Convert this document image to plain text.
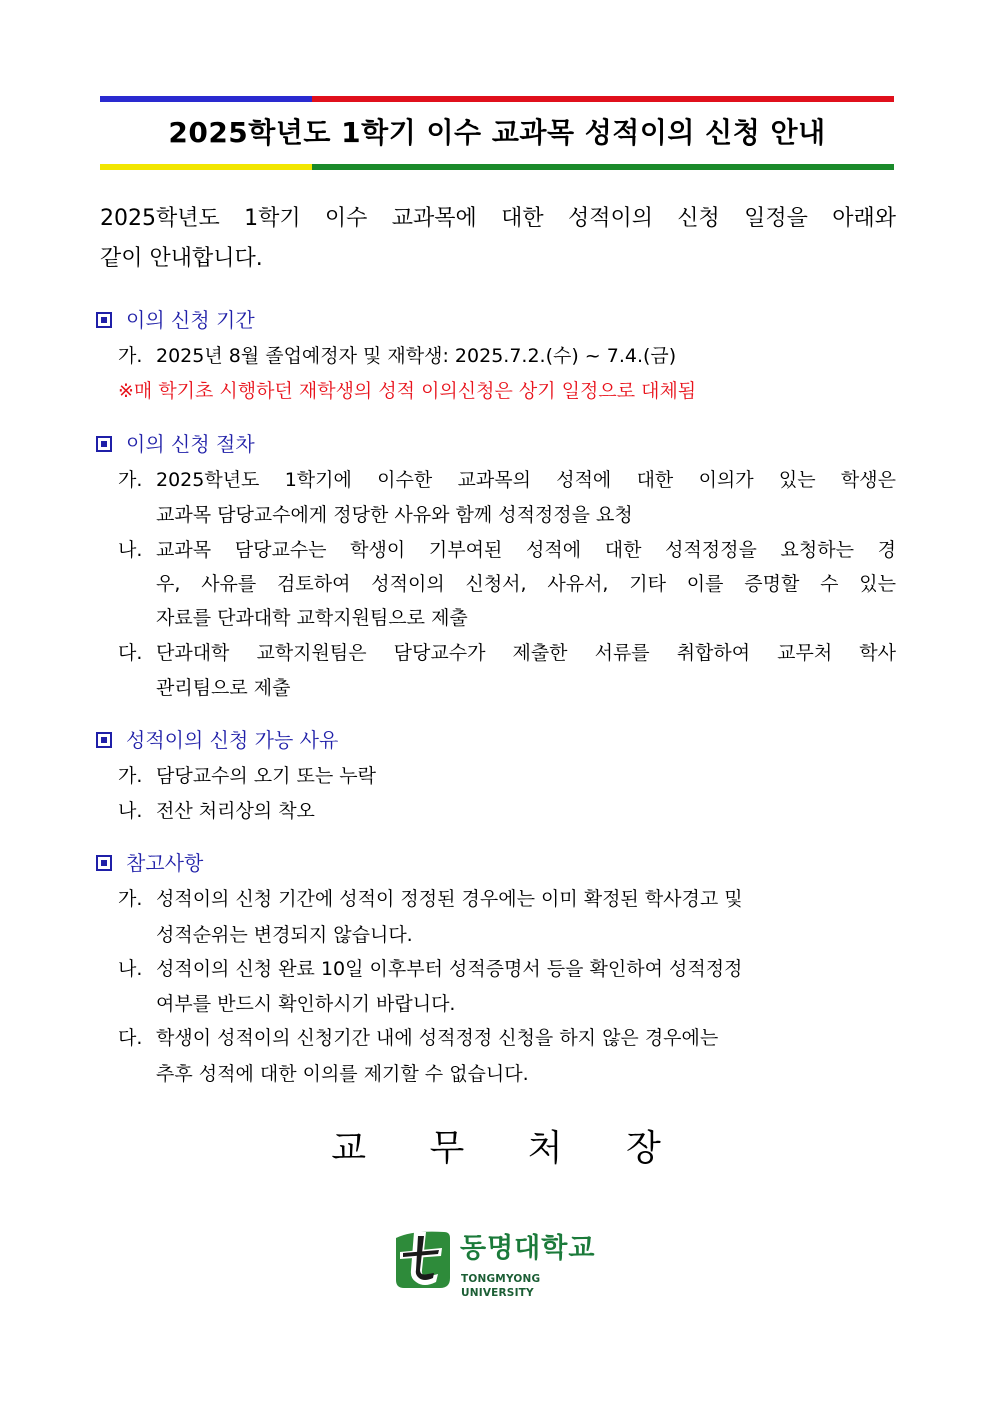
2025학년도 1학기 이수 교과목 성적이의 신청 안내
2025학년도 1학기 이수 교과목에 대한 성적이의 신청 일정을 아래와
같이 안내합니다.
이의 신청 기간
가. 2025년 8월 졸업예정자 및 재학생: 2025.7.2.(수) ~ 7.4.(금)
※매 학기초 시행하던 재학생의 성적 이의신청은 상기 일정으로 대체됨
이의 신청 절차
가. 2025학년도 1학기에 이수한 교과목의 성적에 대한 이의가 있는 학생은
교과목 담당교수에게 정당한 사유와 함께 성적정정을 요청
나. 교과목 담당교수는 학생이 기부여된 성적에 대한 성적정정을 요청하는 경
우, 사유를 검토하여 성적이의 신청서, 사유서, 기타 이를 증명할 수 있는
자료를 단과대학 교학지원팀으로 제출
다. 단과대학 교학지원팀은 담당교수가 제출한 서류를 취합하여 교무처 학사
관리팀으로 제출
성적이의 신청 가능 사유
가. 담당교수의 오기 또는 누락
나. 전산 처리상의 착오
참고사항
가. 성적이의 신청 기간에 성적이 정정된 경우에는 이미 확정된 학사경고 및
성적순위는 변경되지 않습니다.
나. 성적이의 신청 완료 10일 이후부터 성적증명서 등을 확인하여 성적정정
여부를 반드시 확인하시기 바랍니다.
다. 학생이 성적이의 신청기간 내에 성적정정 신청을 하지 않은 경우에는
추후 성적에 대한 이의를 제기할 수 없습니다.
교 무 처 장
동명대학교
TONGMYONG UNIVERSITY
